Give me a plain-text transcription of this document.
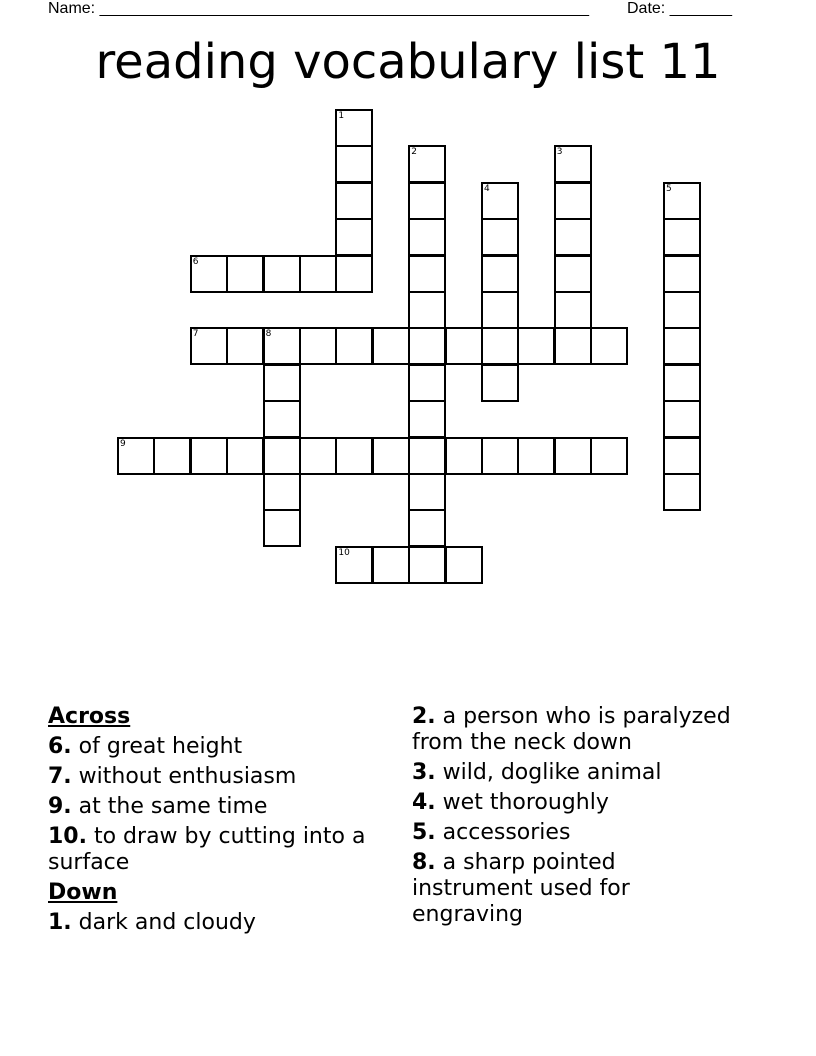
Name: _______________________________________________________ Date: _______
reading vocabulary list 11
1
2	3
4	5
6
7	8
9
10
Across
6. of great height
7. without enthusiasm
9. at the same time
10. to draw by cutting into a surface
Down
1. dark and cloudy
2. a person who is paralyzed from the neck down
3. wild, doglike animal
4. wet thoroughly
5. accessories
8. a sharp pointed instrument used for engraving
